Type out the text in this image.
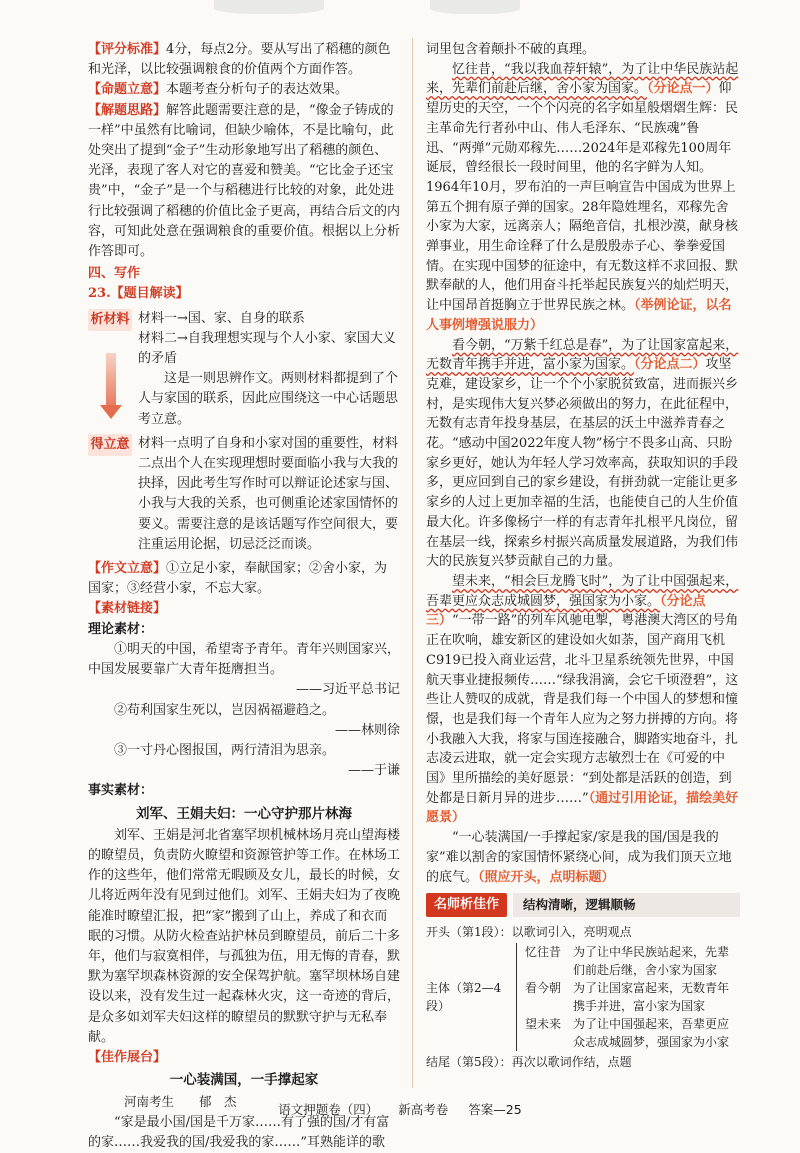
【评分标准】4分，每点2分。要从写出了稻穗的颜色和光泽，以比较强调粮食的价值两个方面作答。

【命题立意】本题考查分析句子的表达效果。

【解题思路】解答此题需要注意的是，“像金子铸成的一样”中虽然有比喻词，但缺少喻体，不是比喻句，此处突出了提到“金子”生动形象地写出了稻穗的颜色、光泽，表现了客人对它的喜爱和赞美。“它比金子还宝贵”中，“金子”是一个与稻穗进行比较的对象，此处进行比较强调了稻穗的价值比金子更高，再结合后文的内容，可知此处意在强调粮食的重要价值。根据以上分析作答即可。

四、写作

23.【题目解读】

析材料 材料一→国、家、自身的联系

材料二→自我理想实现与个人小家、家国大义的矛盾

这是一则思辨作文。两则材料都提到了个人与家国的联系，因此应围绕这一中心话题思考立意。

得立意 材料一点明了自身和小家对国的重要性，材料二点出个人在实现理想时要面临小我与大我的抉择，因此考生写作时可以辩证论述家与国、小我与大我的关系，也可侧重论述家国情怀的要义。需要注意的是该话题写作空间很大，要注重运用论据，切忌泛泛而谈。

【作文立意】①立足小家，奉献国家；②舍小家，为国家；③经营小家，不忘大家。

【素材链接】

理论素材：

①明天的中国，希望寄予青年。青年兴则国家兴，中国发展要靠广大青年挺膺担当。
——习近平总书记

②苟利国家生死以，岂因祸福避趋之。
——林则徐

③一寸丹心图报国，两行清泪为思亲。
——于谦

事实素材：

刘军、王娟夫妇：一心守护那片林海

刘军、王娟是河北省塞罕坝机械林场月亮山望海楼的瞭望员，负责防火瞭望和资源管护等工作。在林场工作的这些年，他们常常无暇顾及女儿，最长的时候，女儿将近两年没有见到过他们。刘军、王娟夫妇为了夜晚能准时瞭望汇报，把“家”搬到了山上，养成了和衣而眠的习惯。从防火检查站护林员到瞭望员，前后二十多年，他们与寂寞相伴，与孤独为伍，用无悔的青春，默默为塞罕坝森林资源的安全保驾护航。塞罕坝林场自建设以来，没有发生过一起森林火灾，这一奇迹的背后，是众多如刘军夫妇这样的瞭望员的默默守护与无私奉献。

【佳作展台】

一心装满国，一手撑起家

河南考生　　郁　杰

“家是最小国/国是千万家……有了强的国/才有富的家……我爱我的国/我爱我的家……”耳熟能详的歌

词里包含着颠扑不破的真理。

忆往昔，“我以我血荐轩辕”，为了让中华民族站起来，先辈们前赴后继，舍小家为国家。（分论点一）仰望历史的天空，一个个闪亮的名字如星般熠熠生辉：民主革命先行者孙中山、伟人毛泽东、“民族魂”鲁迅、“两弹”元勋邓稼先……2024年是邓稼先100周年诞辰，曾经很长一段时间里，他的名字鲜为人知。1964年10月，罗布泊的一声巨响宣告中国成为世界上第五个拥有原子弹的国家。28年隐姓埋名，邓稼先舍小家为大家，远离亲人；隔绝音信，扎根沙漠，献身核弹事业，用生命诠释了什么是殷殷赤子心、拳拳爱国情。在实现中国梦的征途中，有无数这样不求回报、默默奉献的人，他们用奋斗托举起民族复兴的灿烂明天，让中国昂首挺胸立于世界民族之林。（举例论证，以名人事例增强说服力）

看今朝，“万紫千红总是春”，为了让国家富起来，无数青年携手并进，富小家为国家。（分论点二）攻坚克难，建设家乡，让一个个小家脱贫致富，进而振兴乡村，是实现伟大复兴梦必须做出的努力，在此征程中，无数有志青年投身基层，在基层的沃土中滋养青春之花。“感动中国2022年度人物”杨宁不畏多山高、只盼家乡更好，她认为年轻人学习效率高，获取知识的手段多，更应回到自己的家乡建设，有拼劲就一定能让更多家乡的人过上更加幸福的生活，也能使自己的人生价值最大化。许多像杨宁一样的有志青年扎根平凡岗位，留在基层一线，探索乡村振兴高质量发展道路，为我们伟大的民族复兴梦贡献自己的力量。

望未来，“相会巨龙腾飞时”，为了让中国强起来，吾辈更应众志成城圆梦，强国家为小家。（分论点三）“一带一路”的列车风驰电掣，粤港澳大湾区的号角正在吹响，雄安新区的建设如火如荼，国产商用飞机C919已投入商业运营，北斗卫星系统领先世界，中国航天事业捷报频传……“绿我涓滴，会它千顷澄碧”，这些让人赞叹的成就，背是我们每一个中国人的梦想和憧憬，也是我们每一个青年人应为之努力拼搏的方向。将小我融入大我，将家与国连接融合，脚踏实地奋斗，扎志凌云进取，就一定会实现方志敏烈士在《可爱的中国》里所描绘的美好愿景：“到处都是活跃的创造，到处都是日新月异的进步……”（通过引用论证，描绘美好愿景）

“一心装满国/一手撑起家/家是我的国/国是我的家”难以割舍的家国情怀紧绕心间，成为我们顶天立地的底气。（照应开头，点明标题）

名师析佳作	结构清晰，逻辑顺畅
开头（第1段）：以歌词引入，亮明观点
主体（第2—4段）
忆往昔 为了让中华民族站起来，先辈们前赴后继，舍小家为国家
看今朝 为了让国家富起来，无数青年携手并进，富小家为国家
望未来 为了让中国强起来，吾辈更应众志成城圆梦，强国家为小家
结尾（第5段）：再次以歌词作结，点题
语文押题卷（四） 新高考卷 答案—25
